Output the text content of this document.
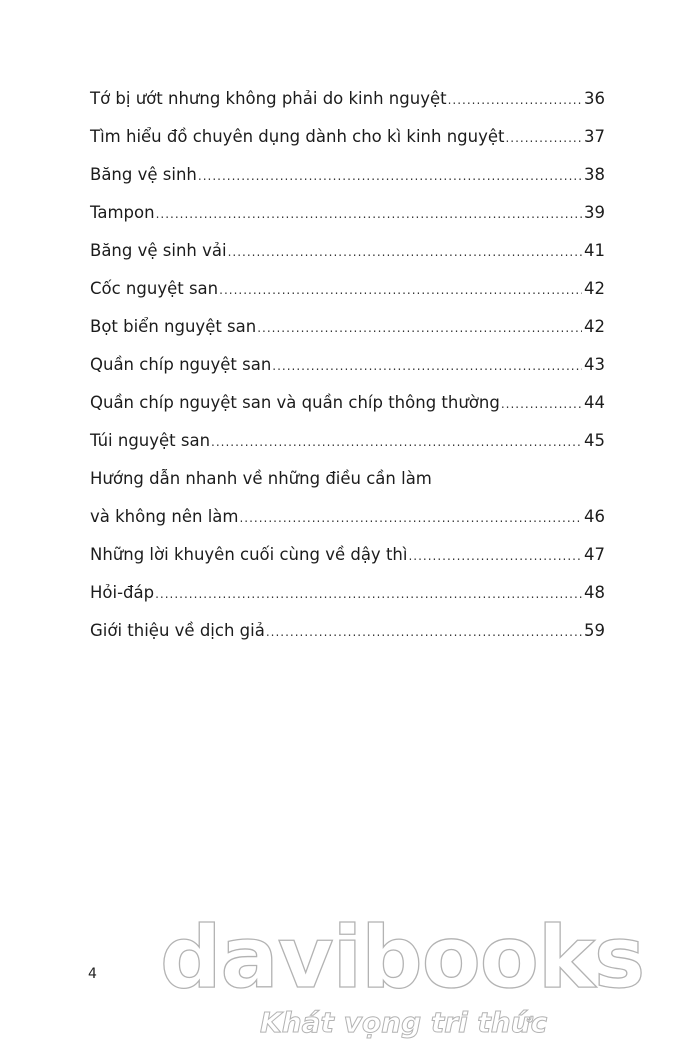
Tớ bị ướt nhưng không phải do kinh nguyệt .....	36
Tìm hiểu đồ chuyên dụng dành cho kì kinh nguyệt .....	37
Băng vệ sinh .....	38
Tampon .....	39
Băng vệ sinh vải .....	41
Cốc nguyệt san .....	42
Bọt biển nguyệt san .....	42
Quần chíp nguyệt san .....	43
Quần chíp nguyệt san và quần chíp thông thường .....	44
Túi nguyệt san .....	45
Hướng dẫn nhanh về những điều cần làm
và không nên làm .....	46
Những lời khuyên cuối cùng về dậy thì .....	47
Hỏi-đáp .....	48
Giới thiệu về dịch giả .....	59
4 davibooks
Khát vọng tri thức
